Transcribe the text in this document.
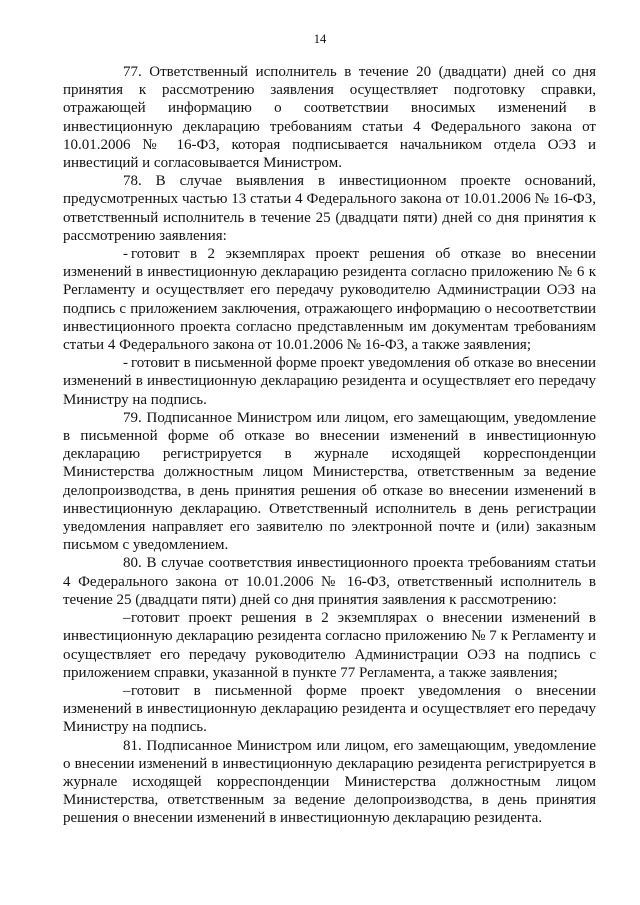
14

77. Ответственный исполнитель в течение 20 (двадцати) дней со дня принятия к рассмотрению заявления осуществляет подготовку справки, отражающей информацию о соответствии вносимых изменений в инвестиционную декларацию требованиям статьи 4 Федерального закона от 10.01.2006 № 16-ФЗ, которая подписывается начальником отдела ОЭЗ и инвестиций и согласовывается Министром.

78. В случае выявления в инвестиционном проекте оснований, предусмотренных частью 13 статьи 4 Федерального закона от 10.01.2006 № 16-ФЗ, ответственный исполнитель в течение 25 (двадцати пяти) дней со дня принятия к рассмотрению заявления:

- готовит в 2 экземплярах проект решения об отказе во внесении изменений в инвестиционную декларацию резидента согласно приложению № 6 к Регламенту и осуществляет его передачу руководителю Администрации ОЭЗ на подпись с приложением заключения, отражающего информацию о несоответствии инвестиционного проекта согласно представленным им документам требованиям статьи 4 Федерального закона от 10.01.2006 № 16-ФЗ, а также заявления;

- готовит в письменной форме проект уведомления об отказе во внесении изменений в инвестиционную декларацию резидента и осуществляет его передачу Министру на подпись.

79. Подписанное Министром или лицом, его замещающим, уведомление в письменной форме об отказе во внесении изменений в инвестиционную декларацию регистрируется в журнале исходящей корреспонденции Министерства должностным лицом Министерства, ответственным за ведение делопроизводства, в день принятия решения об отказе во внесении изменений в инвестиционную декларацию. Ответственный исполнитель в день регистрации уведомления направляет его заявителю по электронной почте и (или) заказным письмом с уведомлением.

80. В случае соответствия инвестиционного проекта требованиям статьи 4 Федерального закона от 10.01.2006 № 16-ФЗ, ответственный исполнитель в течение 25 (двадцати пяти) дней со дня принятия заявления к рассмотрению:

–готовит проект решения в 2 экземплярах о внесении изменений в инвестиционную декларацию резидента согласно приложению № 7 к Регламенту и осуществляет его передачу руководителю Администрации ОЭЗ на подпись с приложением справки, указанной в пункте 77 Регламента, а также заявления;

–готовит в письменной форме проект уведомления о внесении изменений в инвестиционную декларацию резидента и осуществляет его передачу Министру на подпись.

81. Подписанное Министром или лицом, его замещающим, уведомление о внесении изменений в инвестиционную декларацию резидента регистрируется в журнале исходящей корреспонденции Министерства должностным лицом Министерства, ответственным за ведение делопроизводства, в день принятия решения о внесении изменений в инвестиционную декларацию резидента.
